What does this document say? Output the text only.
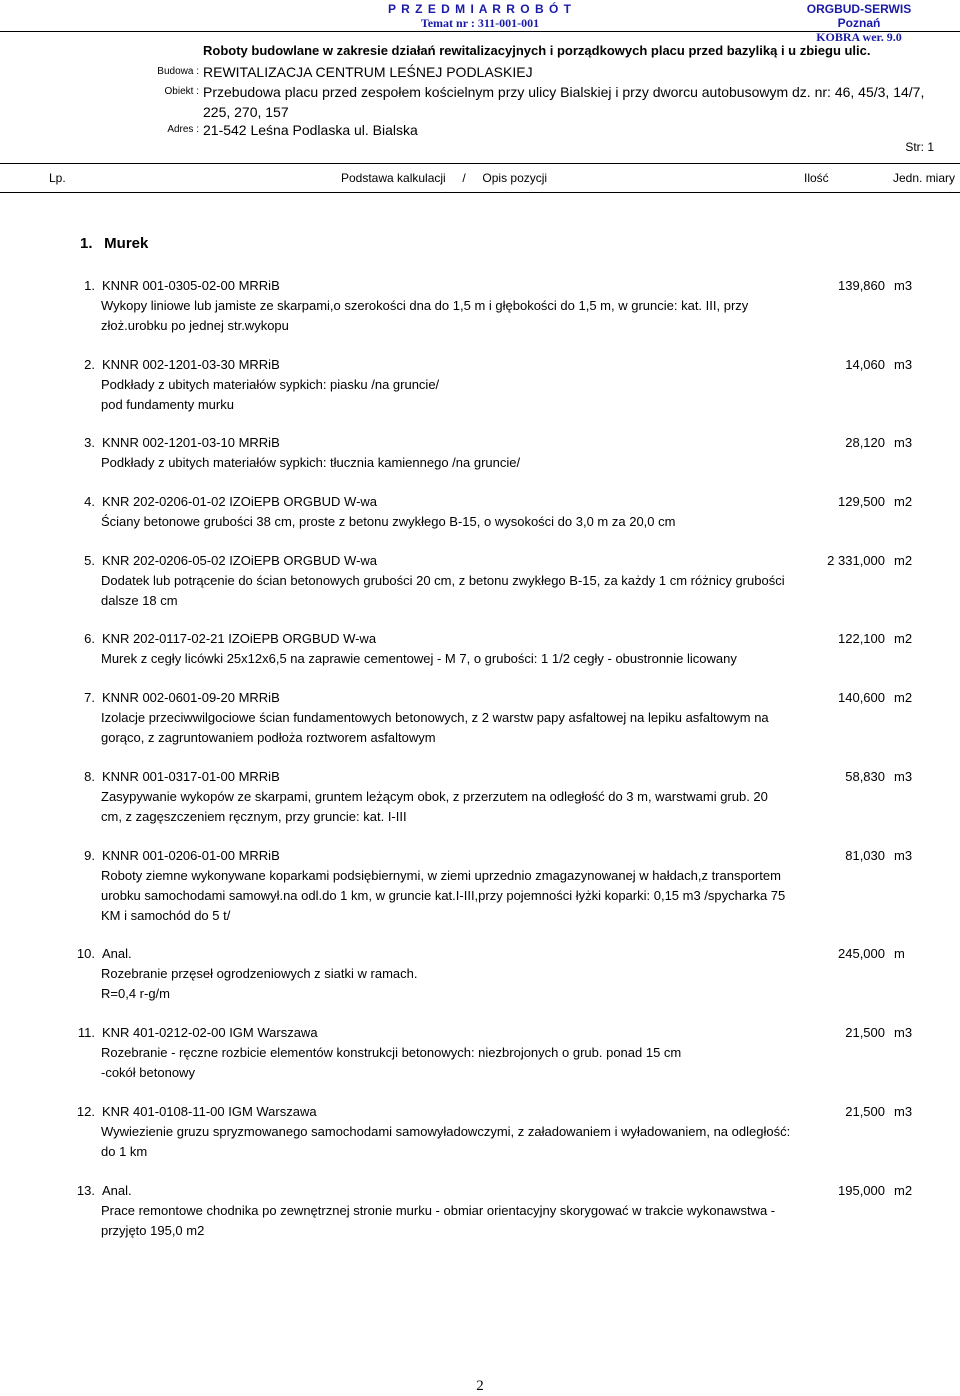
P R Z E D M I A R R O B Ó T
Temat nr : 311-001-001
ORGBUD-SERWIS Poznań
KOBRA wer. 9.0
Roboty budowlane w zakresie działań rewitalizacyjnych i porządkowych placu przed bazyliką i u zbiegu ulic.
Budowa : REWITALIZACJA CENTRUM LEŚNEJ PODLASKIEJ
Obiekt : Przebudowa placu przed zespołem kościelnym przy ulicy Bialskiej i przy dworcu autobusowym dz. nr: 46, 45/3, 14/7, 225, 270, 157
Adres : 21-542 Leśna Podlaska ul. Bialska
Str: 1
Lp.	Podstawa kalkulacji     /     Opis pozycji	Ilość	Jedn. miary
1. Murek
1. KNNR 001-0305-02-00 MRRiB	139,860 m3
Wykopy liniowe lub jamiste ze skarpami,o szerokości dna do 1,5 m i głębokości do 1,5 m, w gruncie: kat. III, przy złoż.urobku po jednej str.wykopu
2. KNNR 002-1201-03-30 MRRiB	14,060 m3
Podkłady z ubitych materiałów sypkich: piasku /na gruncie/
pod fundamenty murku
3. KNNR 002-1201-03-10 MRRiB	28,120 m3
Podkłady z ubitych materiałów sypkich: tłucznia kamiennego /na gruncie/
4. KNR 202-0206-01-02 IZOiEPB ORGBUD W-wa	129,500 m2
Ściany betonowe grubości 38 cm, proste z betonu zwykłego B-15, o wysokości do 3,0 m za 20,0 cm
5. KNR 202-0206-05-02 IZOiEPB ORGBUD W-wa	2 331,000 m2
Dodatek lub potrącenie do ścian betonowych grubości 20 cm, z betonu zwykłego B-15, za każdy 1 cm różnicy grubości dalsze 18 cm
6. KNR 202-0117-02-21 IZOiEPB ORGBUD W-wa	122,100 m2
Murek z cegły licówki 25x12x6,5 na zaprawie cementowej - M 7, o grubości: 1 1/2 cegły - obustronnie licowany
7. KNNR 002-0601-09-20 MRRiB	140,600 m2
Izolacje przeciwwilgociowe ścian fundamentowych betonowych, z 2 warstw papy asfaltowej na lepiku asfaltowym na gorąco, z zagruntowaniem podłoża roztworem asfaltowym
8. KNNR 001-0317-01-00 MRRiB	58,830 m3
Zasypywanie wykopów ze skarpami, gruntem leżącym obok, z przerzutem na odległość do 3 m, warstwami grub. 20 cm, z zagęszczeniem ręcznym, przy gruncie: kat. I-III
9. KNNR 001-0206-01-00 MRRiB	81,030 m3
Roboty ziemne wykonywane koparkami podsiębiernymi, w ziemi uprzednio zmagazynowanej w hałdach,z transportem urobku samochodami samowył.na odl.do 1 km, w gruncie kat.I-III,przy pojemności łyżki koparki: 0,15 m3 /spycharka 75 KM i samochód do 5 t/
10. Anal.	245,000 m
Rozebranie przęseł ogrodzeniowych z siatki w ramach.
R=0,4 r-g/m
11. KNR 401-0212-02-00 IGM Warszawa	21,500 m3
Rozebranie - ręczne rozbicie elementów konstrukcji betonowych: niezbrojonych o grub. ponad 15 cm
-cokół betonowy
12. KNR 401-0108-11-00 IGM Warszawa	21,500 m3
Wywiezienie gruzu spryzmowanego samochodami samowyładowczymi, z załadowaniem i wyładowaniem, na odległość: do 1 km
13. Anal.	195,000 m2
Prace remontowe chodnika po zewnętrznej stronie murku - obmiar orientacyjny skorygować w trakcie wykonawstwa - przyjęto 195,0 m2
2
